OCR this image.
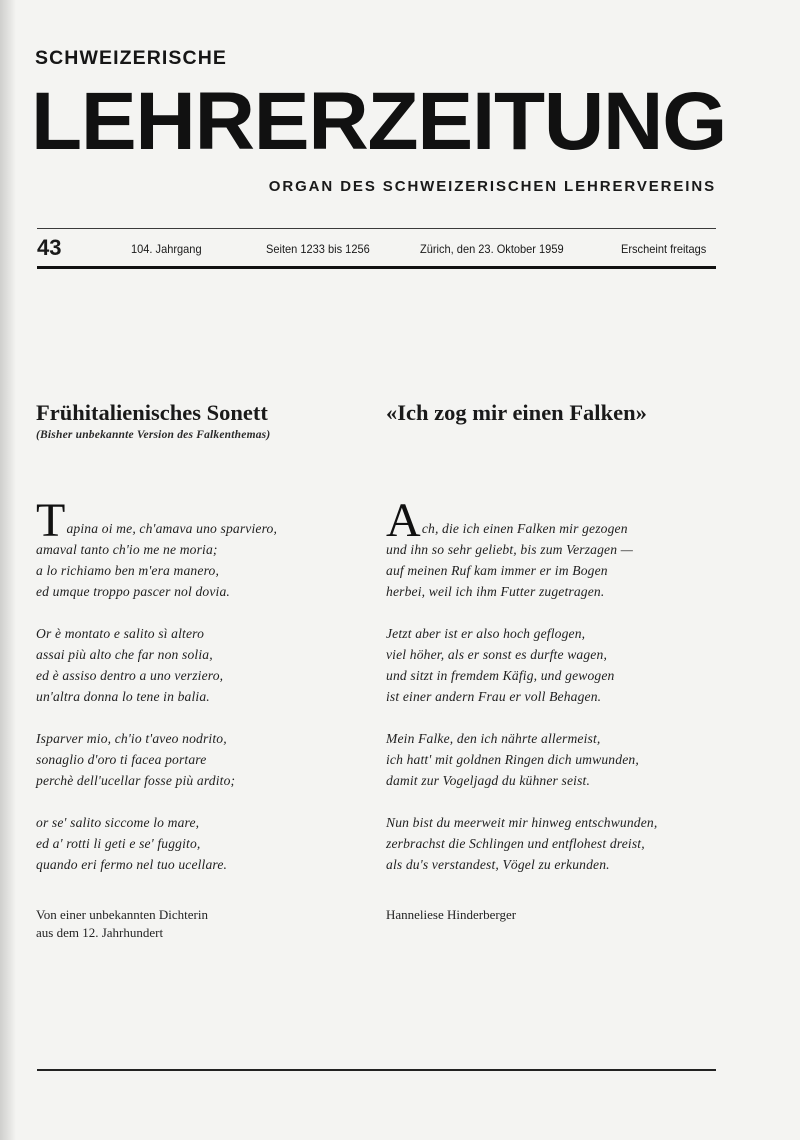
SCHWEIZERISCHE
LEHRERZEITUNG
ORGAN DES SCHWEIZERISCHEN LEHRERVEREINS
43	104. Jahrgang	Seiten 1233 bis 1256	Zürich, den 23. Oktober 1959	Erscheint freitags
Frühitalienisches Sonett
(Bisher unbekannte Version des Falkenthemas)
Tapina oi me, ch'amava uno sparviero,
amaval tanto ch'io me ne moria;
a lo richiamo ben m'era manero,
ed umque troppo pascer nol dovia.
Or è montato e salito sì altero
assai più alto che far non solia,
ed è assiso dentro a uno verziero,
un'altra donna lo tene in balia.
Isparver mio, ch'io t'aveo nodrito,
sonaglio d'oro ti facea portare
perchè dell'ucellar fosse più ardito;
or se' salito siccome lo mare,
ed a' rotti li geti e se' fuggito,
quando eri fermo nel tuo ucellare.
Von einer unbekannten Dichterin
aus dem 12. Jahrhundert
«Ich zog mir einen Falken»
Ach, die ich einen Falken mir gezogen
und ihn so sehr geliebt, bis zum Verzagen —
auf meinen Ruf kam immer er im Bogen
herbei, weil ich ihm Futter zugetragen.
Jetzt aber ist er also hoch geflogen,
viel höher, als er sonst es durfte wagen,
und sitzt in fremdem Käfig, und gewogen
ist einer andern Frau er voll Behagen.
Mein Falke, den ich nährte allermeist,
ich hatt' mit goldnen Ringen dich umwunden,
damit zur Vogeljagd du kühner seist.
Nun bist du meerweit mir hinweg entschwunden,
zerbrachst die Schlingen und entflohest dreist,
als du's verstandest, Vögel zu erkunden.
Hanneliese Hinderberger
